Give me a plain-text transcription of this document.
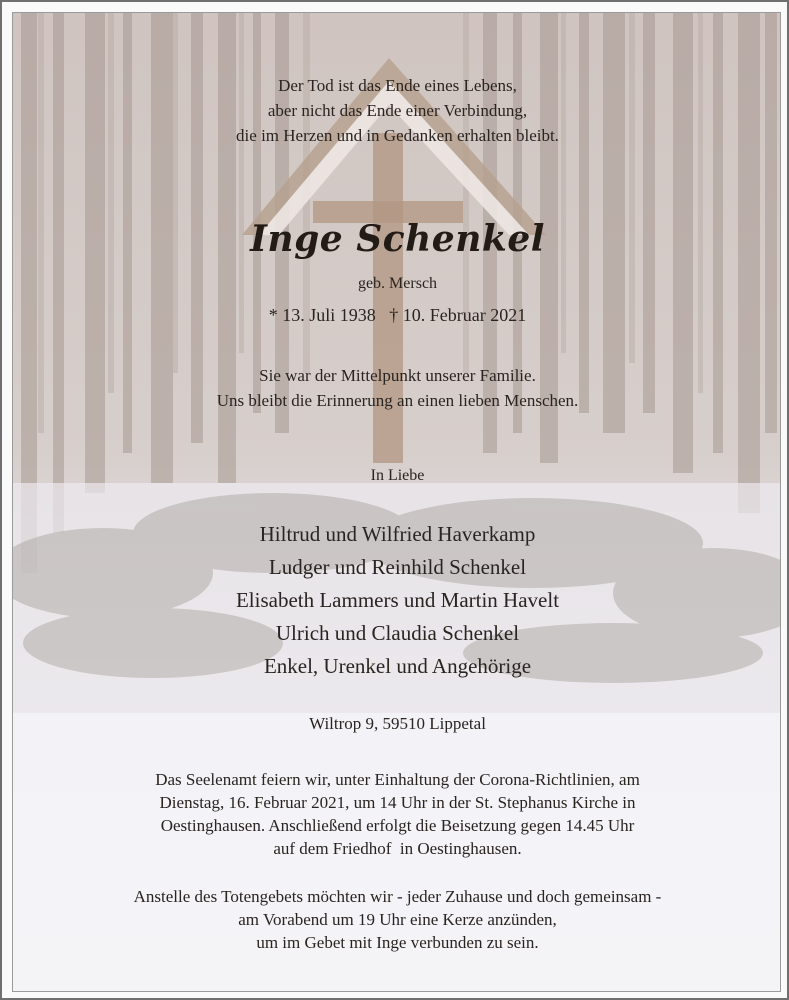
Der Tod ist das Ende eines Lebens,
aber nicht das Ende einer Verbindung,
die im Herzen und in Gedanken erhalten bleibt.
Inge Schenkel
geb. Mersch
* 13. Juli 1938   † 10. Februar 2021
Sie war der Mittelpunkt unserer Familie.
Uns bleibt die Erinnerung an einen lieben Menschen.
In Liebe
Hiltrud und Wilfried Haverkamp
Ludger und Reinhild Schenkel
Elisabeth Lammers und Martin Havelt
Ulrich und Claudia Schenkel
Enkel, Urenkel und Angehörige
Wiltrop 9, 59510 Lippetal
Das Seelenamt feiern wir, unter Einhaltung der Corona-Richtlinien, am
Dienstag, 16. Februar 2021, um 14 Uhr in der St. Stephanus Kirche in
Oestinghausen. Anschließend erfolgt die Beisetzung gegen 14.45 Uhr
auf dem Friedhof  in Oestinghausen.
Anstelle des Totengebets möchten wir - jeder Zuhause und doch gemeinsam -
am Vorabend um 19 Uhr eine Kerze anzünden,
um im Gebet mit Inge verbunden zu sein.
